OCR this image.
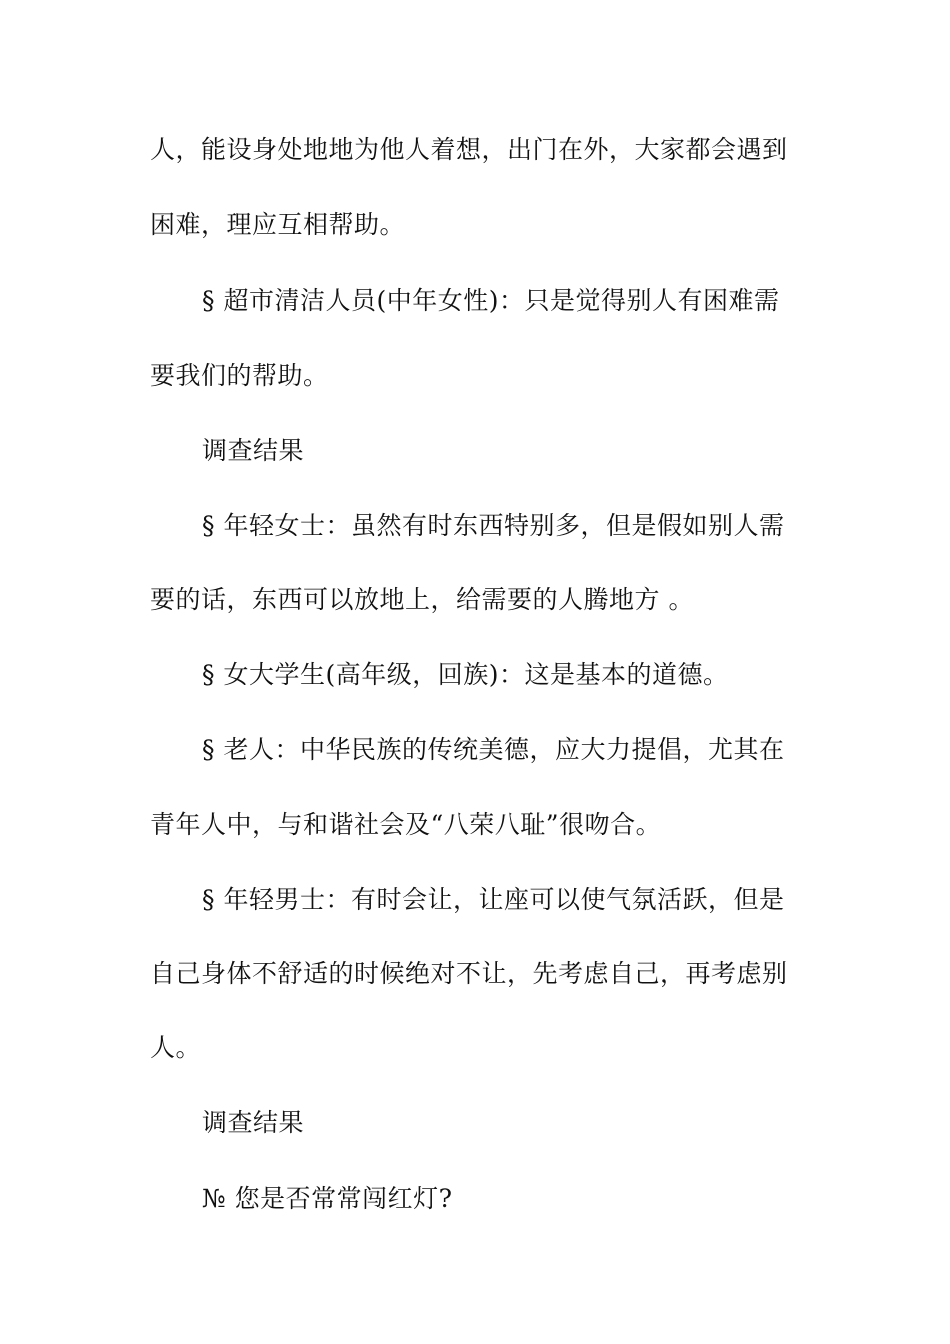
人，能设身处地地为他人着想，出门在外，大家都会遇到
困难，理应互相帮助。
§ 超市清洁人员(中年女性)：只是觉得别人有困难需
要我们的帮助。
调查结果
§ 年轻女士：虽然有时东西特别多，但是假如别人需
要的话，东西可以放地上，给需要的人腾地方 。
§ 女大学生(高年级，回族)：这是基本的道德。
§ 老人：中华民族的传统美德，应大力提倡，尤其在
青年人中，与和谐社会及“八荣八耻”很吻合。
§ 年轻男士：有时会让，让座可以使气氛活跃，但是
自己身体不舒适的时候绝对不让，先考虑自己，再考虑别
人。
调查结果
№ 您是否常常闯红灯?
